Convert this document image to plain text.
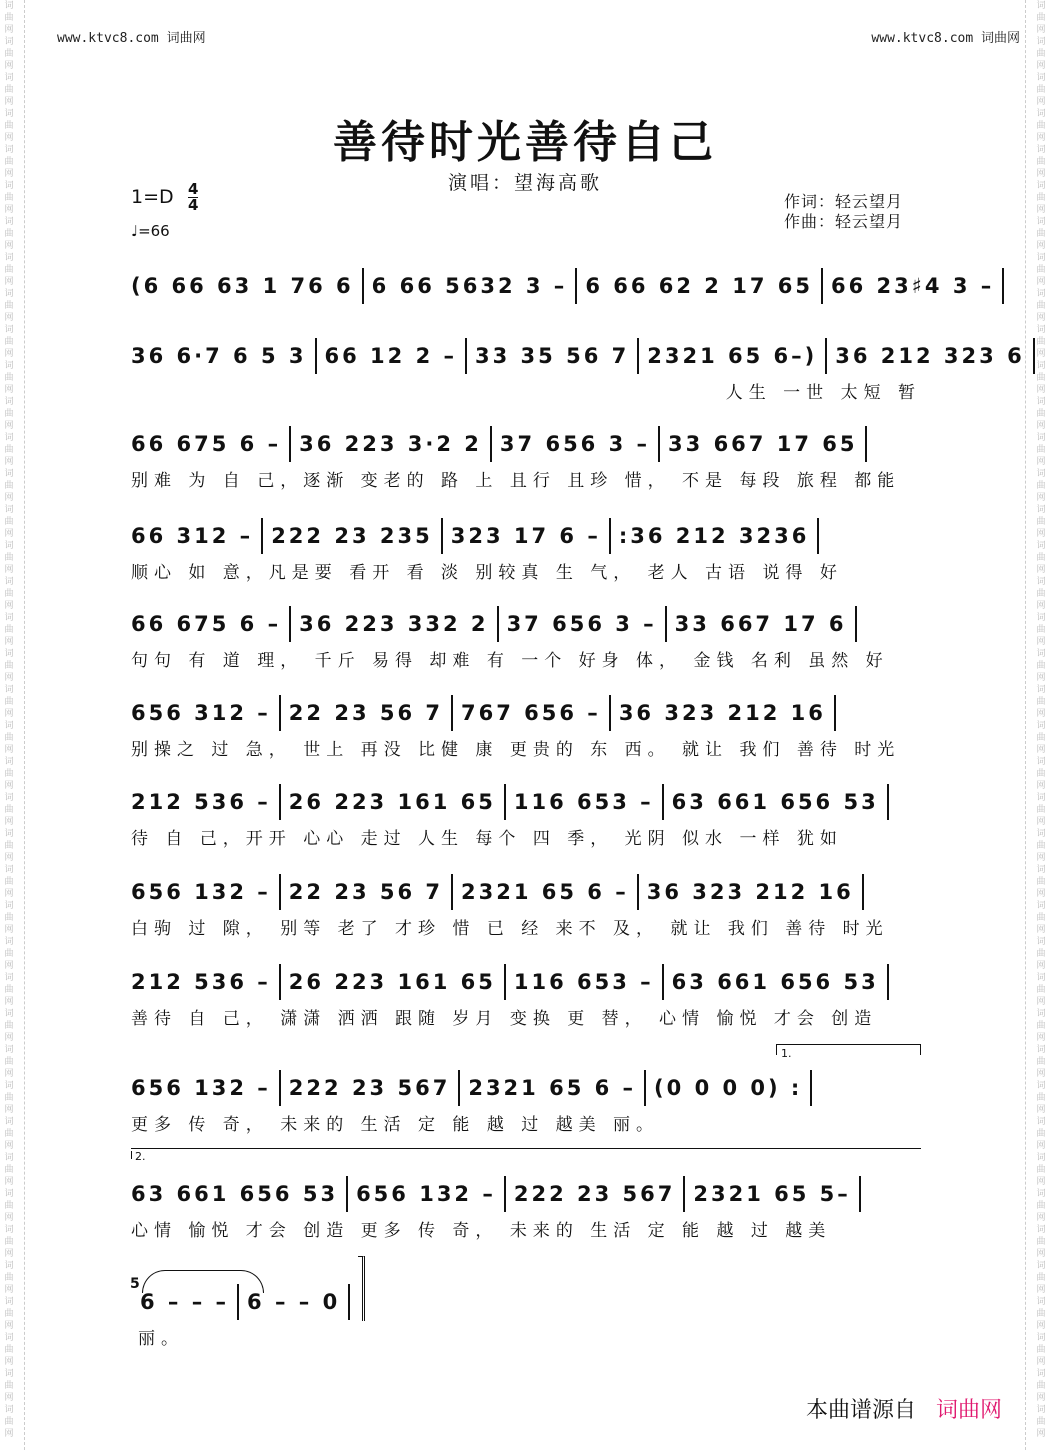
词
曲
网
词
曲
网
词
曲
网
词
曲
网
词
曲
网
词
曲
网
词
曲
网
词
曲
网
词
曲
网
词
曲
网
词
曲
网
词
曲
网
词
曲
网
词
曲
网
词
曲
网
词
曲
网
词
曲
网
词
曲
网
词
曲
网
词
曲
网
词
曲
网
词
曲
网
词
曲
网
词
曲
网
词
曲
网
词
曲
网
词
曲
网
词
曲
网
词
曲
网
词
曲
网
词
曲
网
词
曲
网
词
曲
网
词
曲
网
词
曲
网
词
曲
网
词
曲
网
词
曲
网
词
曲
网
词
曲
网
词
曲
网
词
曲
网
词
曲
网
词
曲
网
词
曲
网
词
曲
网
词
曲
网
词
曲
网
词
曲
网
词
曲
网
词
曲
网
词
曲
网
词
曲
网
词
曲
网
词
曲
网
词
曲
网
词
曲
网
词
曲
网
词
曲
网
词
曲
网
词
曲
网
词
曲
网
词
曲
网
词
曲
网
词
曲
网
词
曲
网
词
曲
网
词
曲
网
词
曲
网
词
曲
网
词
曲
网
词
曲
网
词
曲
网
词
曲
网
词
曲
网
词
曲
网
词
曲
网
词
曲
网
词
曲
网
词
曲
网
www.ktvc8.com 词曲网	www.ktvc8.com 词曲网
善待时光善待自己
演唱：望海高歌
1=D 4
4
♩=66
作词：轻云望月
作曲：轻云望月
(6 66 63 1 76 6 6 66 5632 3 – 6 66 62 2 17 65 66 23♯4 3 –
36 6·7 6 5 3 66 12 2 – 33 35 56 7 2321 65 6–) 36 212 323 6
人生 一世 太短 暂
66 675 6 – 36 223 3·2 2 37 656 3 – 33 667 17 65
别难 为 自 己，逐渐 变老的 路 上 且行 且珍 惜， 不是 每段 旅程 都能
66 312 – 222 23 235 323 17 6 – :36 212 3236
顺心 如 意，凡是要 看开 看 淡 别较真 生 气， 老人 古语 说得 好
66 675 6 – 36 223 332 2 37 656 3 – 33 667 17 6
句句 有 道 理， 千斤 易得 却难 有 一个 好身 体， 金钱 名利 虽然 好
656 312 – 22 23 56 7 767 656 – 36 323 212 16
别操之 过 急， 世上 再没 比健 康 更贵的 东 西。 就让 我们 善待 时光
212 536 – 26 223 161 65 116 653 – 63 661 656 53
待 自 己，开开 心心 走过 人生 每个 四 季， 光阴 似水 一样 犹如
656 132 – 22 23 56 7 2321 65 6 – 36 323 212 16
白驹 过 隙， 别等 老了 才珍 惜 已 经 来不 及， 就让 我们 善待 时光
212 536 – 26 223 161 65 116 653 – 63 661 656 53
善待 自 己， 潇潇 洒洒 跟随 岁月 变换 更 替， 心情 愉悦 才会 创造
656 132 – 222 23 567 2321 65 6 – (0 0 0 0) :
更多 传 奇， 未来的 生活 定 能 越 过 越美 丽。
63 661 656 53 656 132 – 222 23 567 2321 65 5–
心情 愉悦 才会 创造 更多 传 奇， 未来的 生活 定 能 越 过 越美
6 – – – 6 – – 0
丽。
1.
2.
5
本曲谱源自 词曲网
